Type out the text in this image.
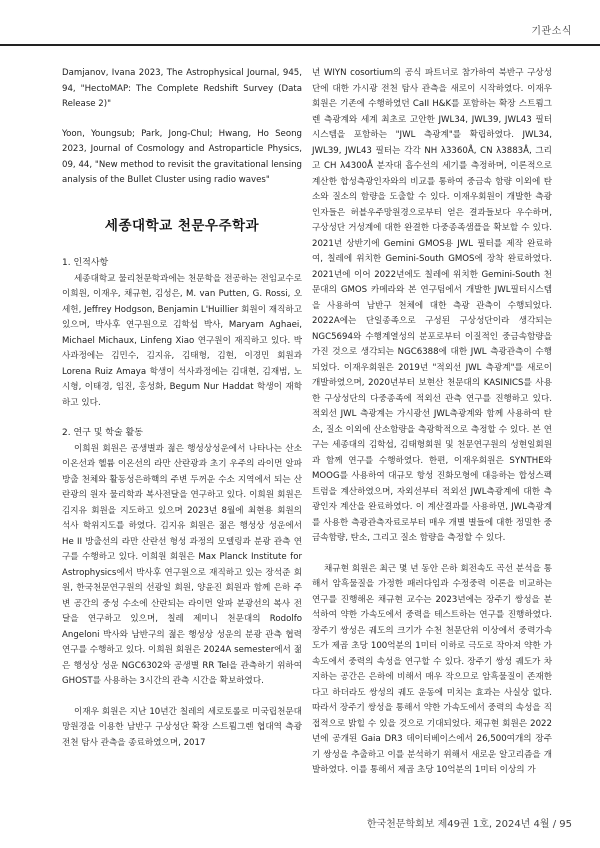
기관소식

Damjanov, Ivana 2023, The Astrophysical Journal, 945, 94, "HectoMAP: The Complete Redshift Survey (Data Release 2)"

Yoon, Youngsub; Park, Jong-Chul; Hwang, Ho Seong 2023, Journal of Cosmology and Astroparticle Physics, 09, 44, "New method to revisit the gravitational lensing analysis of the Bullet Cluster using radio waves"

세종대학교 천문우주학과

1. 인적사항

세종대학교 물리천문학과에는 천문학을 전공하는 전임교수로 이희원, 이재우, 채규현, 김성은, M. van Putten, G. Rossi, 오세헌, Jeffrey Hodgson, Benjamin L'Huillier 회원이 재직하고 있으며, 박사후 연구원으로 김학섭 박사, Maryam Aghaei, Michael Michaux, Linfeng Xiao 연구원이 재직하고 있다. 박사과정에는 김민수, 김지유, 김태형, 김현, 이경민 회원과 Lorena Ruiz Amaya 학생이 석사과정에는 김대현, 김재범, 노시형, 이태경, 임진, 홍성화, Begum Nur Haddat 학생이 재학하고 있다.

2. 연구 및 학술 활동

이희원 회원은 공생별과 젊은 행성상성운에서 나타나는 산소 이온선과 헬륨 이온선의 라만 산란광과 초기 우주의 라이먼 알파 방출 천체와 활동성은하핵의 주변 두꺼운 수소 지역에서 되는 산란광의 원자 물리학과 복사전달을 연구하고 있다. 이희원 회원은 김지유 회원을 지도하고 있으며 2023년 8월에 최현용 회원의 석사 학위지도를 하였다. 김지유 회원은 젊은 행성상 성운에서 He II 방출선의 라만 산란선 형성 과정의 모델링과 분광 관측 연구를 수행하고 있다. 이희원 회원은 Max Planck Institute for Astrophysics에서 박사후 연구원으로 재직하고 있는 장석준 회원, 한국천문연구원의 선광일 회원, 양윤진 회원과 함께 은하 주변 공간의 중성 수소에 산란되는 라이먼 알파 분광선의 복사 전달을 연구하고 있으며, 칠레 제미니 천문대의 Rodolfo Angeloni 박사와 남반구의 젊은 행성상 성운의 분광 관측 협력 연구를 수행하고 있다. 이희원 회원은 2024A semester에서 젊은 행성상 성운 NGC6302와 공생별 RR Tel을 관측하기 위하여 GHOST를 사용하는 3시간의 관측 시간을 확보하였다.

이재우 회원은 지난 10년간 칠레의 세로토롤로 미국립천문대 망원경을 이용한 남반구 구상성단 확장 스트룀그렌 협대역 측광 전천 탐사 관측을 종료하였으며, 2017

년 WIYN cosortium의 공식 파트너로 참가하여 북반구 구상성단에 대한 가시광 전천 탐사 관측을 새로이 시작하였다. 이재우회원은 기존에 수행하였던 CaII H&K를 포함하는 확장 스트룀그렌 측광계와 세계 최초로 고안한 JWL34, JWL39, JWL43 필터시스템을 포함하는 "JWL 측광계"를 확립하였다. JWL34, JWL39, JWL43 필터는 각각 NH λ3360Å, CN λ3883Å, 그리고 CH λ4300Å 분자대 흡수선의 세기를 측정하며, 이론적으로 계산한 합성측광인자와의 비교를 통하여 중금속 함량 이외에 탄소와 질소의 함량을 도출할 수 있다. 이재우회원이 개발한 측광인자들은 허블우주망원경으로부터 얻은 결과들보다 우수하며, 구상성단 거성계에 대한 완결한 다중종족샘플을 확보할 수 있다. 2021년 상반기에 Gemini GMOS용 JWL 필터를 제작 완료하여, 칠레에 위치한 Gemini-South GMOS에 장착 완료하였다. 2021년에 이어 2022년에도 칠레에 위치한 Gemini-South 천문대의 GMOS 카메라와 본 연구팀에서 개발한 JWL필터시스템을 사용하여 남반구 천체에 대한 측광 관측이 수행되었다. 2022A에는 단일종족으로 구성된 구상성단이라 생각되는 NGC5694와 수행계열성의 분포로부터 이질적인 중금속함량을 가진 것으로 생각되는 NGC6388에 대한 JWL 측광관측이 수행되었다. 이재우회원은 2019년 "적외선 JWL 측광계"를 새로이 개발하였으며, 2020년부터 보현산 천문대의 KASINICS를 사용한 구상성단의 다중종족에 적외선 관측 연구를 진행하고 있다. 적외선 JWL 측광계는 가시광선 JWL측광계와 함께 사용하여 탄소, 질소 이외에 산소함량을 측광학적으로 측정할 수 있다. 본 연구는 세종대의 김학섭, 김태형회원 및 천문연구원의 성현일회원과 함께 연구를 수행하였다. 한편, 이재우회원은 SYNTHE와 MOOG를 사용하여 대규모 항성 진화모형에 대응하는 합성스펙트럼을 계산하였으며, 자외선부터 적외선 JWL측광계에 대한 측광인자 계산을 완료하였다. 이 계산결과를 사용하면, JWL측광계를 사용한 측광관측자료로부터 매우 개별 별들에 대한 정밀한 중금속함량, 탄소, 그리고 질소 함량을 측정할 수 있다.

채규현 회원은 최근 몇 년 동안 은하 회전속도 곡선 분석을 통해서 암흑물질을 가정한 패러다임과 수정중력 이론을 비교하는 연구를 진행해온 채규현 교수는 2023년에는 장주기 쌍성을 분석하여 약한 가속도에서 중력을 테스트하는 연구를 진행하였다. 장주기 쌍성은 궤도의 크기가 수천 천문단위 이상에서 중력가속도가 제곱 초당 100억분의 1미터 이하로 극도로 작아져 약한 가속도에서 중력의 속성을 연구할 수 있다. 장주기 쌍성 궤도가 차지하는 공간은 은하에 비해서 매우 작으므로 암흑물질이 존재한다고 하더라도 쌍성의 궤도 운동에 미치는 효과는 사실상 없다. 따라서 장주기 쌍성을 통해서 약한 가속도에서 중력의 속성을 직접적으로 밝힐 수 있을 것으로 기대되었다. 채규현 회원은 2022년에 공개된 Gaia DR3 데이터베이스에서 26,500여개의 장주기 쌍성을 추출하고 이를 분석하기 위해서 새로운 알고리즘을 개발하였다. 이를 통해서 제곱 초당 10억분의 1미터 이상의 가

한국천문학회보 제49권 1호, 2024년 4월 / 95
